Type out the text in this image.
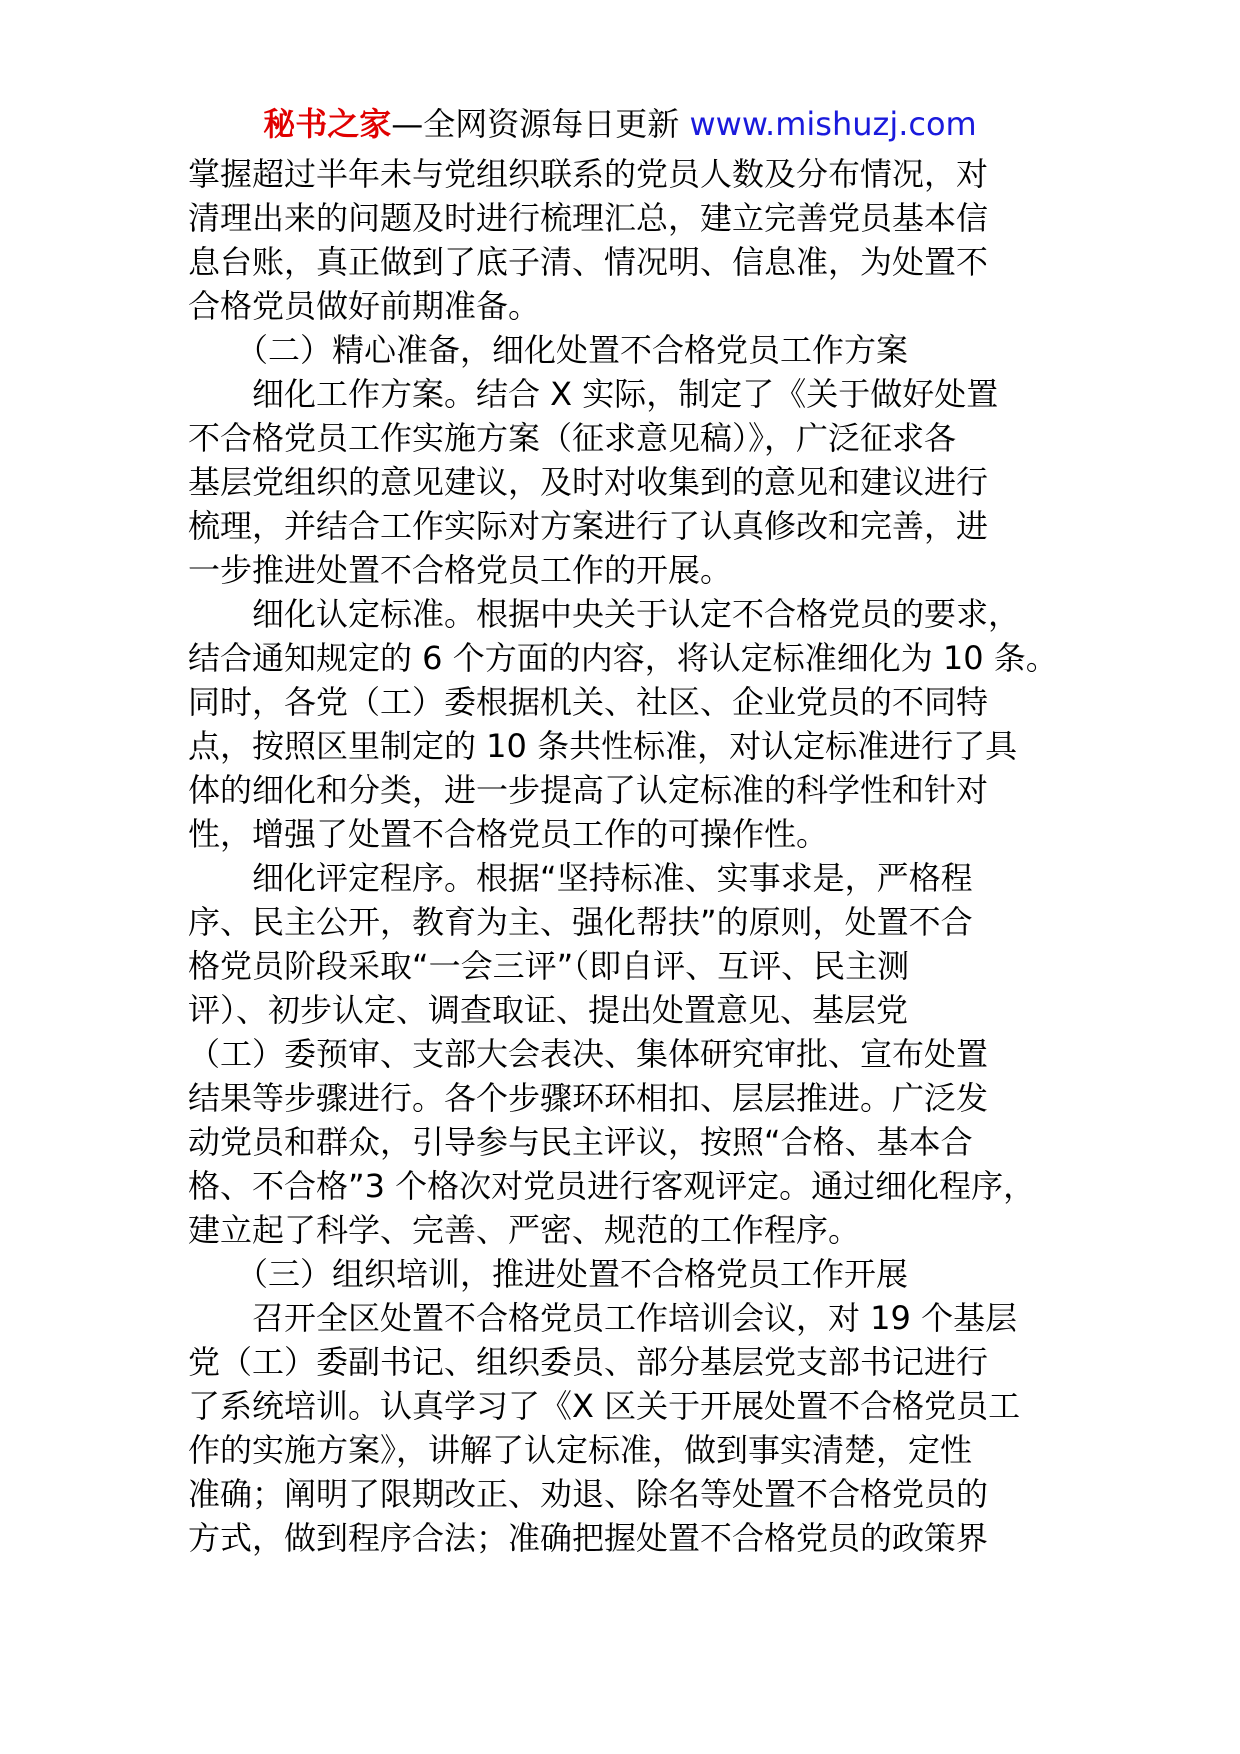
秘书之家—全网资源每日更新 www.mishuzj.com
掌握超过半年未与党组织联系的党员人数及分布情况，对
清理出来的问题及时进行梳理汇总，建立完善党员基本信
息台账，真正做到了底子清、情况明、信息准，为处置不
合格党员做好前期准备。
　　（二）精心准备，细化处置不合格党员工作方案
　　细化工作方案。结合 X 实际，制定了《关于做好处置
不合格党员工作实施方案（征求意见稿）》，广泛征求各
基层党组织的意见建议，及时对收集到的意见和建议进行
梳理，并结合工作实际对方案进行了认真修改和完善，进
一步推进处置不合格党员工作的开展。
　　细化认定标准。根据中央关于认定不合格党员的要求，
结合通知规定的 6 个方面的内容，将认定标准细化为 10 条。
同时，各党（工）委根据机关、社区、企业党员的不同特
点，按照区里制定的 10 条共性标准，对认定标准进行了具
体的细化和分类，进一步提高了认定标准的科学性和针对
性，增强了处置不合格党员工作的可操作性。
　　细化评定程序。根据“坚持标准、实事求是，严格程
序、民主公开，教育为主、强化帮扶”的原则，处置不合
格党员阶段采取“一会三评”（即自评、互评、民主测
评）、初步认定、调查取证、提出处置意见、基层党
（工）委预审、支部大会表决、集体研究审批、宣布处置
结果等步骤进行。各个步骤环环相扣、层层推进。广泛发
动党员和群众，引导参与民主评议，按照“合格、基本合
格、不合格”3 个格次对党员进行客观评定。通过细化程序，
建立起了科学、完善、严密、规范的工作程序。
　　（三）组织培训，推进处置不合格党员工作开展
　　召开全区处置不合格党员工作培训会议，对 19 个基层
党（工）委副书记、组织委员、部分基层党支部书记进行
了系统培训。认真学习了《X 区关于开展处置不合格党员工
作的实施方案》，讲解了认定标准，做到事实清楚，定性
准确；阐明了限期改正、劝退、除名等处置不合格党员的
方式，做到程序合法；准确把握处置不合格党员的政策界
